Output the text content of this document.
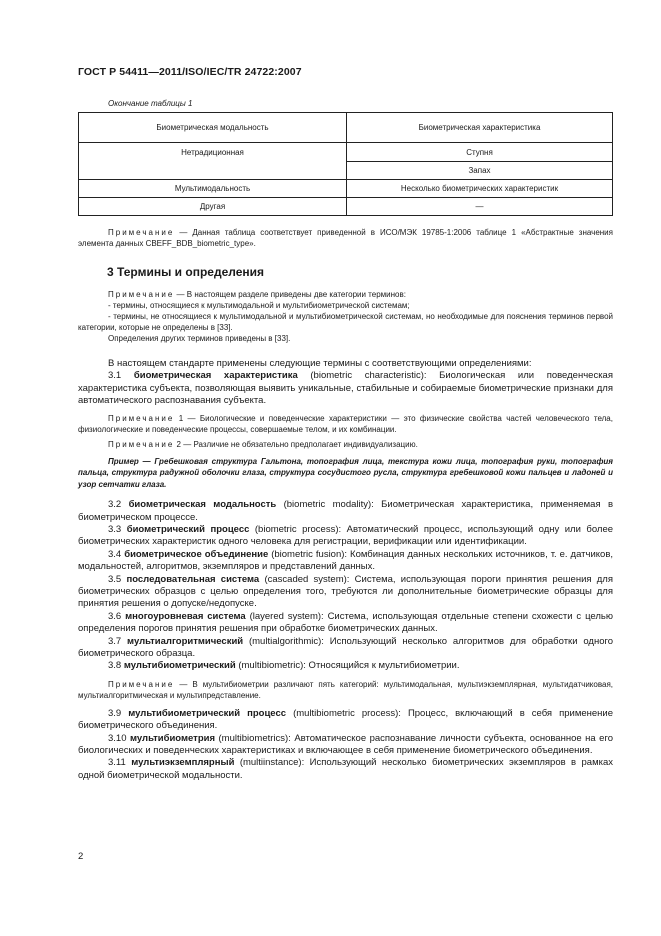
ГОСТ Р 54411—2011/ISO/IEC/TR 24722:2007
Окончание таблицы 1
Биометрическая модальность	Биометрическая характеристика
Нетрадиционная	Ступня
	Запах
Мультимодальность	Несколько биометрических характеристик
Другая	—
Примечание — Данная таблица соответствует приведенной в ИСО/МЭК 19785-1:2006 таблице 1 «Абстрактные значения элемента данных CBEFF_BDB_biometric_type».
3 Термины и определения
Примечание — В настоящем разделе приведены две категории терминов:
- термины, относящиеся к мультимодальной и мультибиометрической системам;
- термины, не относящиеся к мультимодальной и мультибиометрической системам, но необходимые для пояснения терминов первой категории, которые не определены в [33].
Определения других терминов приведены в [33].
В настоящем стандарте применены следующие термины с соответствующими определениями:
3.1 биометрическая характеристика (biometric characteristic): Биологическая или поведенческая характеристика субъекта, позволяющая выявить уникальные, стабильные и собираемые биометрические признаки для автоматического распознавания субъекта.
Примечание 1 — Биологические и поведенческие характеристики — это физические свойства частей человеческого тела, физиологические и поведенческие процессы, совершаемые телом, и их комбинации.
Примечание 2 — Различие не обязательно предполагает индивидуализацию.
Пример — Гребешковая структура Гальтона, топография лица, текстура кожи лица, топография руки, топография пальца, структура радужной оболочки глаза, структура сосудистого русла, структура гребешковой кожи пальцев и ладоней и узор сетчатки глаза.
3.2 биометрическая модальность (biometric modality): Биометрическая характеристика, применяемая в биометрическом процессе.
3.3 биометрический процесс (biometric process): Автоматический процесс, использующий одну или более биометрических характеристик одного человека для регистрации, верификации или идентификации.
3.4 биометрическое объединение (biometric fusion): Комбинация данных нескольких источников, т. е. датчиков, модальностей, алгоритмов, экземпляров и представлений данных.
3.5 последовательная система (cascaded system): Система, использующая пороги принятия решения для биометрических образцов с целью определения того, требуются ли дополнительные биометрические образцы для принятия решения о допуске/недопуске.
3.6 многоуровневая система (layered system): Система, использующая отдельные степени схожести с целью определения порогов принятия решения при обработке биометрических данных.
3.7 мультиалгоритмический (multialgorithmic): Использующий несколько алгоритмов для обработки одного биометрического образца.
3.8 мультибиометрический (multibiometric): Относящийся к мультибиометрии.
Примечание — В мультибиометрии различают пять категорий: мультимодальная, мультиэкземплярная, мультидатчиковая, мультиалгоритмическая и мультипредставление.
3.9 мультибиометрический процесс (multibiometric process): Процесс, включающий в себя применение биометрического объединения.
3.10 мультибиометрия (multibiometrics): Автоматическое распознавание личности субъекта, основанное на его биологических и поведенческих характеристиках и включающее в себя применение биометрического объединения.
3.11 мультиэкземплярный (multiinstance): Использующий несколько биометрических экземпляров в рамках одной биометрической модальности.
2
